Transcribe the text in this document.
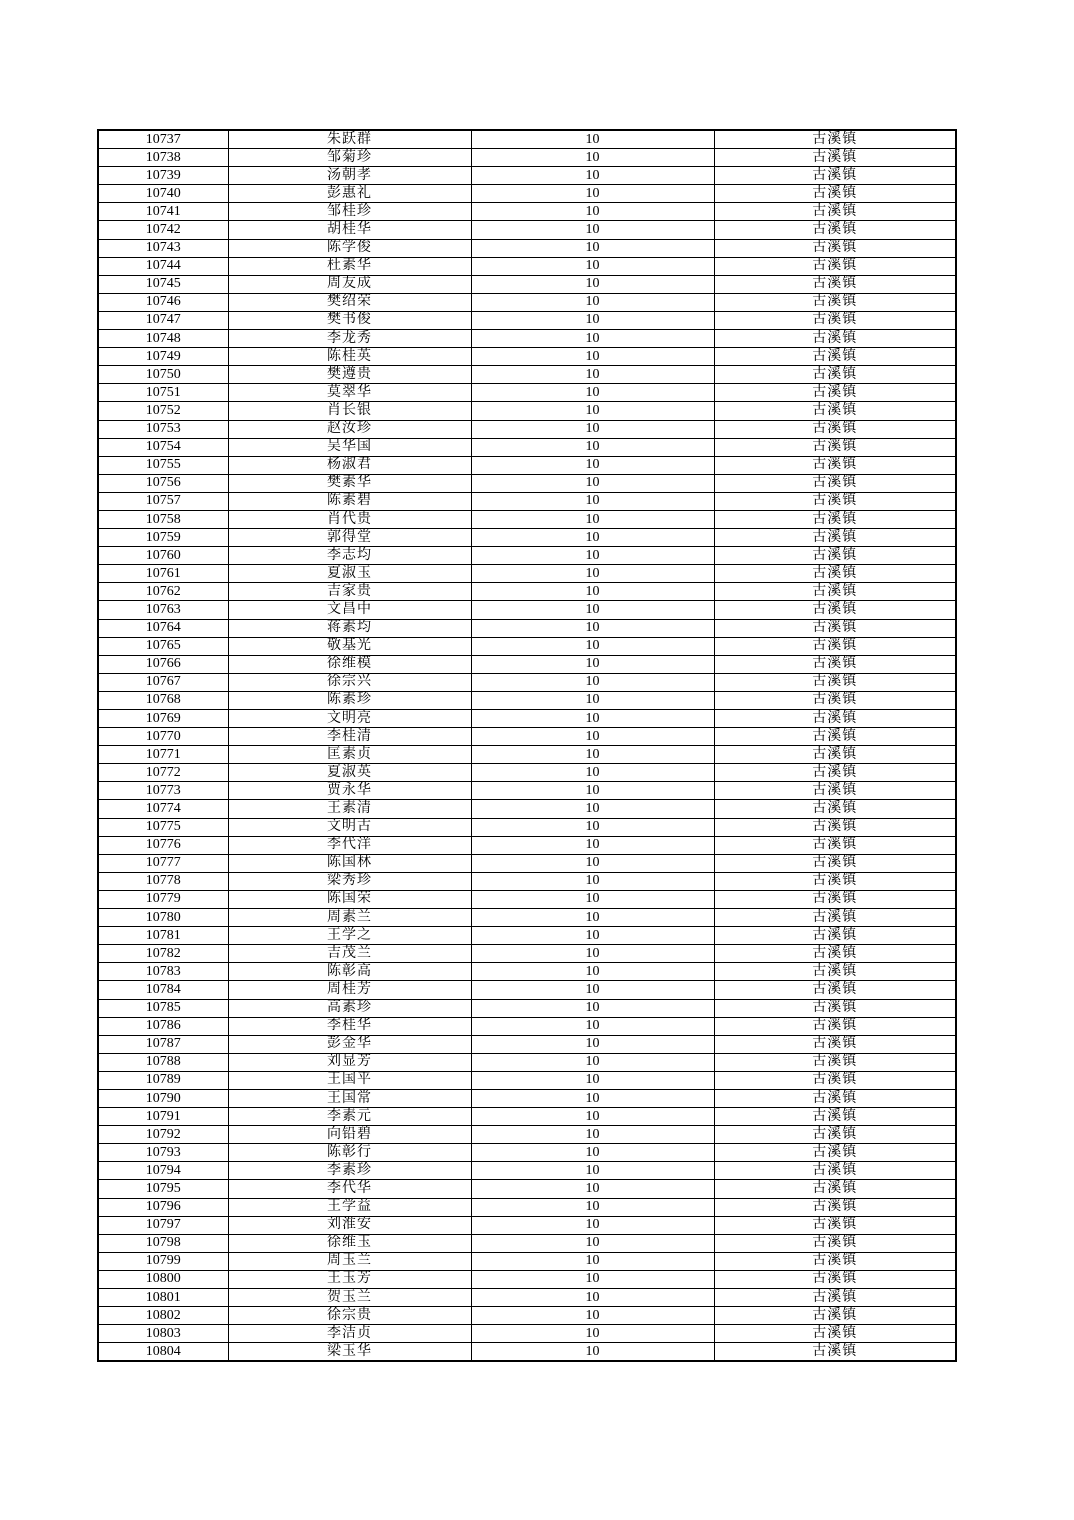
10737	朱跃群	10	古溪镇
10738	邹菊珍	10	古溪镇
10739	汤朝孝	10	古溪镇
10740	彭惠礼	10	古溪镇
10741	邹桂珍	10	古溪镇
10742	胡桂华	10	古溪镇
10743	陈学俊	10	古溪镇
10744	杜素华	10	古溪镇
10745	周友成	10	古溪镇
10746	樊绍荣	10	古溪镇
10747	樊书俊	10	古溪镇
10748	李龙秀	10	古溪镇
10749	陈桂英	10	古溪镇
10750	樊遵贵	10	古溪镇
10751	莫翠华	10	古溪镇
10752	肖长银	10	古溪镇
10753	赵汝珍	10	古溪镇
10754	吴华国	10	古溪镇
10755	杨淑君	10	古溪镇
10756	樊素华	10	古溪镇
10757	陈素碧	10	古溪镇
10758	肖代贵	10	古溪镇
10759	郭得堂	10	古溪镇
10760	李志均	10	古溪镇
10761	夏淑玉	10	古溪镇
10762	吉家贵	10	古溪镇
10763	文昌中	10	古溪镇
10764	蒋素均	10	古溪镇
10765	敬基光	10	古溪镇
10766	徐维模	10	古溪镇
10767	徐宗兴	10	古溪镇
10768	陈素珍	10	古溪镇
10769	文明亮	10	古溪镇
10770	李桂清	10	古溪镇
10771	匡素贞	10	古溪镇
10772	夏淑英	10	古溪镇
10773	贾永华	10	古溪镇
10774	王素清	10	古溪镇
10775	文明古	10	古溪镇
10776	李代洋	10	古溪镇
10777	陈国林	10	古溪镇
10778	梁秀珍	10	古溪镇
10779	陈国荣	10	古溪镇
10780	周素兰	10	古溪镇
10781	王学之	10	古溪镇
10782	吉茂兰	10	古溪镇
10783	陈彰高	10	古溪镇
10784	周桂芳	10	古溪镇
10785	高素珍	10	古溪镇
10786	李桂华	10	古溪镇
10787	彭金华	10	古溪镇
10788	刘显芳	10	古溪镇
10789	王国平	10	古溪镇
10790	王国常	10	古溪镇
10791	李素元	10	古溪镇
10792	向铅碧	10	古溪镇
10793	陈彰行	10	古溪镇
10794	李素珍	10	古溪镇
10795	李代华	10	古溪镇
10796	王学益	10	古溪镇
10797	刘淮安	10	古溪镇
10798	徐维玉	10	古溪镇
10799	周玉兰	10	古溪镇
10800	王玉芳	10	古溪镇
10801	贺玉兰	10	古溪镇
10802	徐宗贵	10	古溪镇
10803	李洁贞	10	古溪镇
10804	梁玉华	10	古溪镇
